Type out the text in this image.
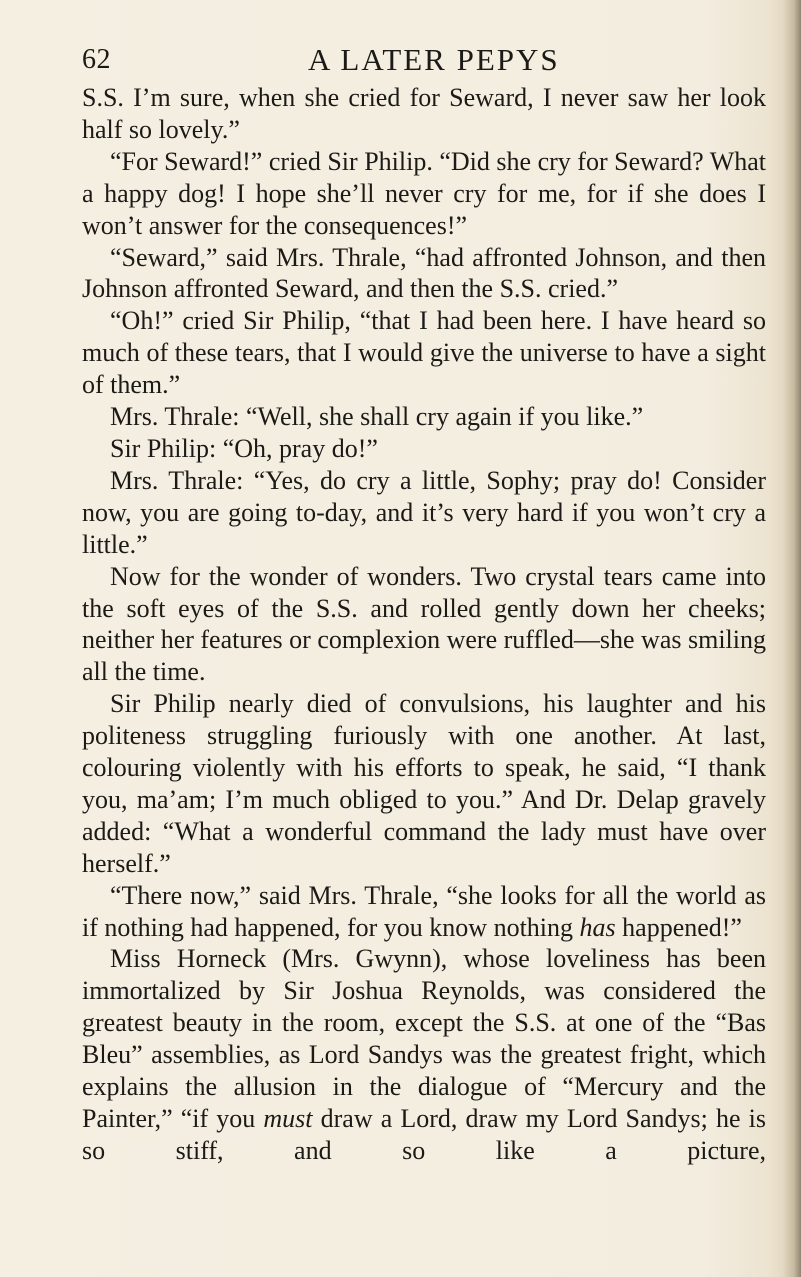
62	A LATER PEPYS

S.S. I’m sure, when she cried for Seward, I never saw her look half so lovely.”

“For Seward!” cried Sir Philip. “Did she cry for Seward? What a happy dog! I hope she’ll never cry for me, for if she does I won’t answer for the consequences!”

“Seward,” said Mrs. Thrale, “had affronted Johnson, and then Johnson affronted Seward, and then the S.S. cried.”

“Oh!” cried Sir Philip, “that I had been here. I have heard so much of these tears, that I would give the universe to have a sight of them.”

Mrs. Thrale: “Well, she shall cry again if you like.”

Sir Philip: “Oh, pray do!”

Mrs. Thrale: “Yes, do cry a little, Sophy; pray do! Consider now, you are going to-day, and it’s very hard if you won’t cry a little.”

Now for the wonder of wonders. Two crystal tears came into the soft eyes of the S.S. and rolled gently down her cheeks; neither her features or complexion were ruffled—she was smiling all the time.

Sir Philip nearly died of convulsions, his laughter and his politeness struggling furiously with one another. At last, colouring violently with his efforts to speak, he said, “I thank you, ma’am; I’m much obliged to you.” And Dr. Delap gravely added: “What a wonderful command the lady must have over herself.”

“There now,” said Mrs. Thrale, “she looks for all the world as if nothing had happened, for you know nothing has happened!”

Miss Horneck (Mrs. Gwynn), whose loveliness has been immortalized by Sir Joshua Reynolds, was considered the greatest beauty in the room, except the S.S. at one of the “Bas Bleu” assemblies, as Lord Sandys was the greatest fright, which explains the allusion in the dialogue of “Mercury and the Painter,” “if you must draw a Lord, draw my Lord Sandys; he is so stiff, and so like a picture,
